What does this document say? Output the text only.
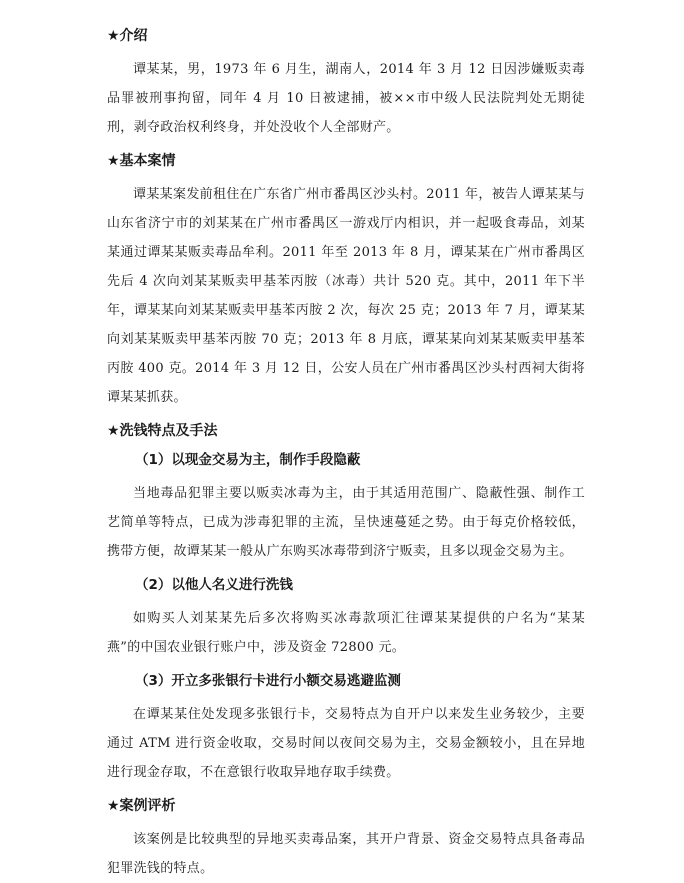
★介绍

谭某某，男，1973 年 6 月生，湖南人，2014 年 3 月 12 日因涉嫌贩卖毒品罪被刑事拘留，同年 4 月 10 日被逮捕，被××市中级人民法院判处无期徒刑，剥夺政治权利终身，并处没收个人全部财产。

★基本案情

谭某某案发前租住在广东省广州市番禺区沙头村。2011 年，被告人谭某某与山东省济宁市的刘某某在广州市番禺区一游戏厅内相识，并一起吸食毒品，刘某某通过谭某某贩卖毒品牟利。2011 年至 2013 年 8 月，谭某某在广州市番禺区先后 4 次向刘某某贩卖甲基苯丙胺（冰毒）共计 520 克。其中，2011 年下半年，谭某某向刘某某贩卖甲基苯丙胺 2 次，每次 25 克；2013 年 7 月，谭某某向刘某某贩卖甲基苯丙胺 70 克；2013 年 8 月底，谭某某向刘某某贩卖甲基苯丙胺 400 克。2014 年 3 月 12 日，公安人员在广州市番禺区沙头村西祠大街将谭某某抓获。

★洗钱特点及手法
（1）以现金交易为主，制作手段隐蔽

当地毒品犯罪主要以贩卖冰毒为主，由于其适用范围广、隐蔽性强、制作工艺简单等特点，已成为涉毒犯罪的主流，呈快速蔓延之势。由于每克价格较低，携带方便，故谭某某一般从广东购买冰毒带到济宁贩卖，且多以现金交易为主。

（2）以他人名义进行洗钱

如购买人刘某某先后多次将购买冰毒款项汇往谭某某提供的户名为“某某燕”的中国农业银行账户中，涉及资金 72800 元。

（3）开立多张银行卡进行小额交易逃避监测

在谭某某住处发现多张银行卡，交易特点为自开户以来发生业务较少，主要通过 ATM 进行资金收取，交易时间以夜间交易为主，交易金额较小，且在异地进行现金存取，不在意银行收取异地存取手续费。

★案例评析

该案例是比较典型的异地买卖毒品案，其开户背景、资金交易特点具备毒品犯罪洗钱的特点。
